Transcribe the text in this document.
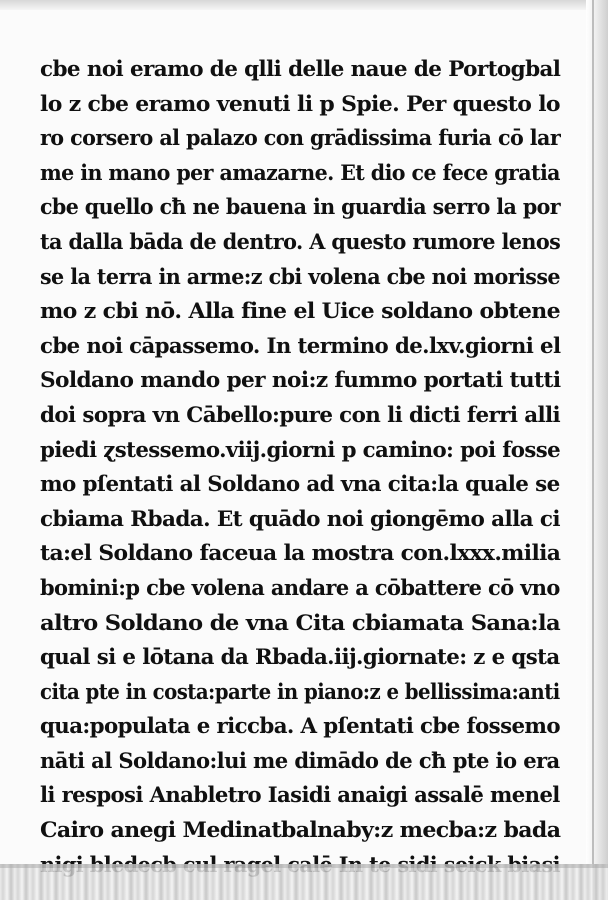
cbe noi eramo de qlli delle naue de Portogbal
lo z cbe eramo venuti li p Spie. Per questo lo
ro corsero al palazo con grādissima furia cō lar
me in mano per amazarne. Et dio ce fece gratia
cbe quello cħ ne bauena in guardia serro la por
ta dalla bāda de dentro. A questo rumore lenos
se la terra in arme:z cbi volena cbe noi morisse
mo z cbi nō. Alla fine el Uice soldano obtene
cbe noi cāpassemo. In termino de.lxv.giorni el
Soldano mando per noi:z fummo portati tutti
doi sopra vn Cābello:pure con li dicti ferri alli
piedi ɀstessemo.viij.giorni p camino: poi fosse
mo pſentati al Soldano ad vna cita:la quale se
cbiama Rbada. Et quādo noi giongēmo alla ci
ta:el Soldano faceua la mostra con.lxxx.milia
bomini:p cbe volena andare a cōbattere cō vno
altro Soldano de vna Cita cbiamata Sana:la
qual si e lōtana da Rbada.iij.giornate: z e qsta
cita pte in costa:parte in piano:z e bellissima:anti
qua:populata e riccba. A pſentati cbe fossemo
nāti al Soldano:lui me dimādo de cħ pte io era
li resposi Anabletro Iasidi anaigi assalē menel
Cairo anegi Medinatbalnaby:z mecba:z bada
